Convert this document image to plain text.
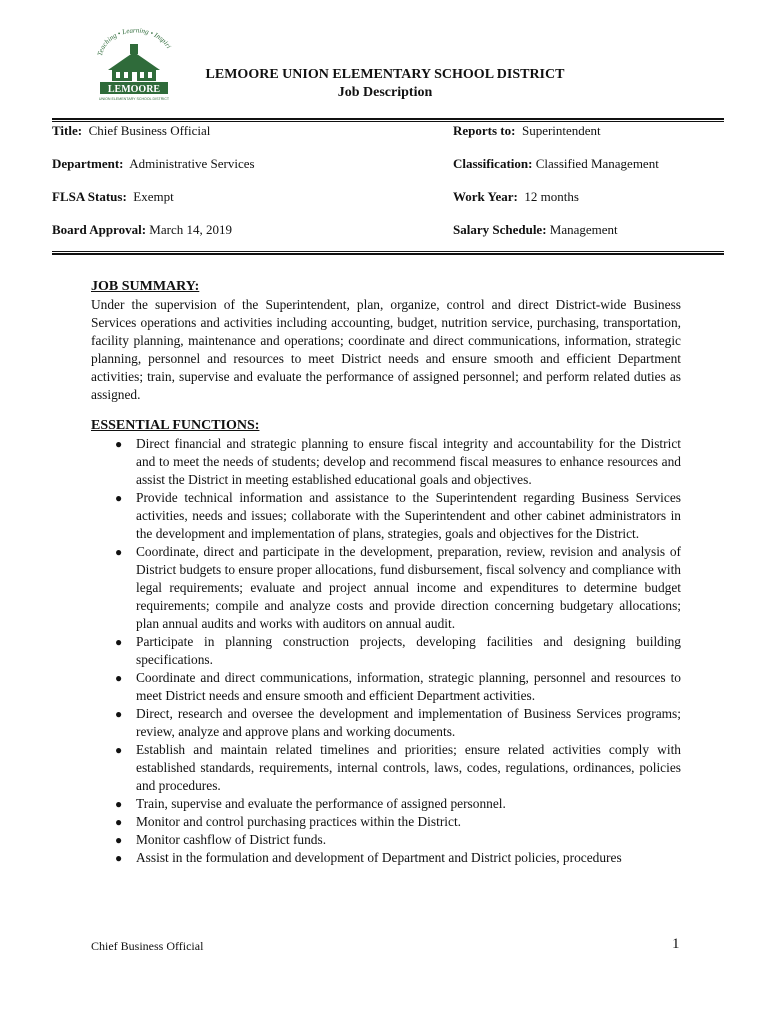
Teaching • Learning • Inspiri
LEMOORE
UNION ELEMENTARY SCHOOL DISTRICT
LEMOORE UNION ELEMENTARY SCHOOL DISTRICT
Job Description
Title: Chief Business Official	Reports to: Superintendent
Department: Administrative Services	Classification: Classified Management
FLSA Status: Exempt	Work Year: 12 months
Board Approval: March 14, 2019	Salary Schedule: Management

JOB SUMMARY:

Under the supervision of the Superintendent, plan, organize, control and direct District-wide Business Services operations and activities including accounting, budget, nutrition service, purchasing, transportation, facility planning, maintenance and operations; coordinate and direct communications, information, strategic planning, personnel and resources to meet District needs and ensure smooth and efficient Department activities; train, supervise and evaluate the performance of assigned personnel; and perform related duties as assigned.

ESSENTIAL FUNCTIONS:

● Direct financial and strategic planning to ensure fiscal integrity and accountability for the District and to meet the needs of students; develop and recommend fiscal measures to enhance resources and assist the District in meeting established educational goals and objectives.
● Provide technical information and assistance to the Superintendent regarding Business Services activities, needs and issues; collaborate with the Superintendent and other cabinet administrators in the development and implementation of plans, strategies, goals and objectives for the District.
● Coordinate, direct and participate in the development, preparation, review, revision and analysis of District budgets to ensure proper allocations, fund disbursement, fiscal solvency and compliance with legal requirements; evaluate and project annual income and expenditures to determine budget requirements; compile and analyze costs and provide direction concerning budgetary allocations; plan annual audits and works with auditors on annual audit.
● Participate in planning construction projects, developing facilities and designing building specifications.
● Coordinate and direct communications, information, strategic planning, personnel and resources to meet District needs and ensure smooth and efficient Department activities.
● Direct, research and oversee the development and implementation of Business Services programs; review, analyze and approve plans and working documents.
● Establish and maintain related timelines and priorities; ensure related activities comply with established standards, requirements, internal controls, laws, codes, regulations, ordinances, policies and procedures.
● Train, supervise and evaluate the performance of assigned personnel.
● Monitor and control purchasing practices within the District.
● Monitor cashflow of District funds.
● Assist in the formulation and development of Department and District policies, procedures
Chief Business Official	1
